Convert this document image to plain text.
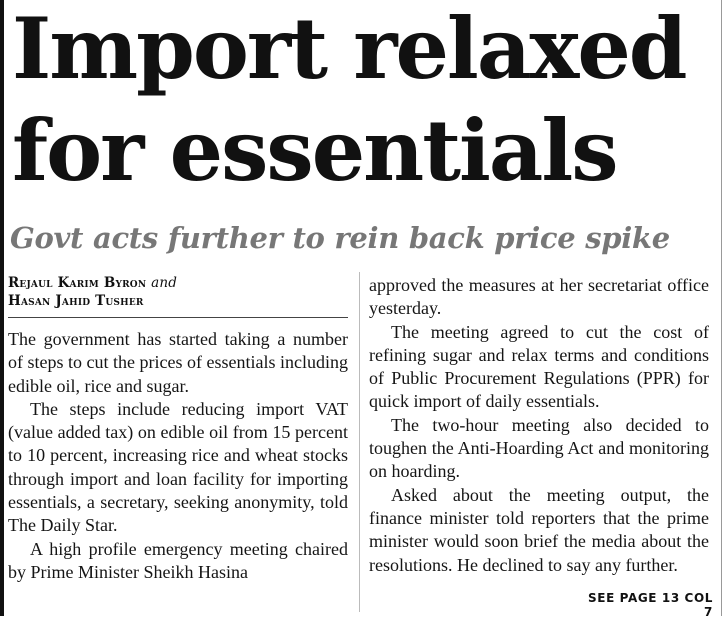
Import relaxed
for essentials
Govt acts further to rein back price spike
Rejaul Karim Byron and
Hasan Jahid Tusher

The government has started taking a number of steps to cut the prices of essentials including edible oil, rice and sugar.

The steps include reducing import VAT (value added tax) on edible oil from 15 percent to 10 percent, increasing rice and wheat stocks through import and loan facility for importing essentials, a secretary, seeking anonymity, told The Daily Star.

A high profile emergency meeting chaired by Prime Minister Sheikh Hasina

approved the measures at her secretariat office yesterday.

The meeting agreed to cut the cost of refining sugar and relax terms and conditions of Public Procurement Regulations (PPR) for quick import of daily essentials.

The two-hour meeting also decided to toughen the Anti-Hoarding Act and monitoring on hoarding.

Asked about the meeting output, the finance minister told reporters that the prime minister would soon brief the media about the resolutions. He declined to say any further.

SEE PAGE 13 COL 7
